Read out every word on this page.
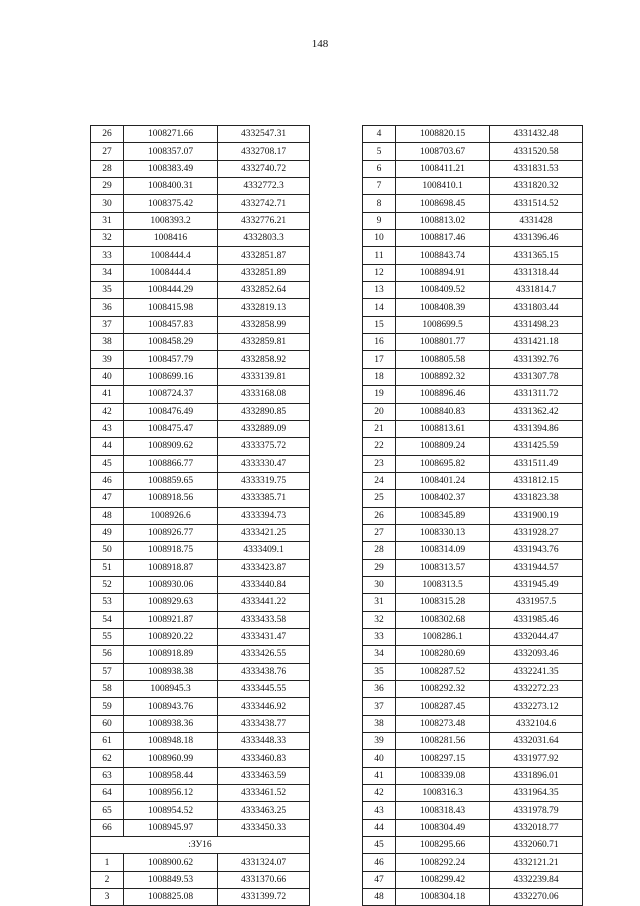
148
26	1008271.66	4332547.31
27	1008357.07	4332708.17
28	1008383.49	4332740.72
29	1008400.31	4332772.3
30	1008375.42	4332742.71
31	1008393.2	4332776.21
32	1008416	4332803.3
33	1008444.4	4332851.87
34	1008444.4	4332851.89
35	1008444.29	4332852.64
36	1008415.98	4332819.13
37	1008457.83	4332858.99
38	1008458.29	4332859.81
39	1008457.79	4332858.92
40	1008699.16	4333139.81
41	1008724.37	4333168.08
42	1008476.49	4332890.85
43	1008475.47	4332889.09
44	1008909.62	4333375.72
45	1008866.77	4333330.47
46	1008859.65	4333319.75
47	1008918.56	4333385.71
48	1008926.6	4333394.73
49	1008926.77	4333421.25
50	1008918.75	4333409.1
51	1008918.87	4333423.87
52	1008930.06	4333440.84
53	1008929.63	4333441.22
54	1008921.87	4333433.58
55	1008920.22	4333431.47
56	1008918.89	4333426.55
57	1008938.38	4333438.76
58	1008945.3	4333445.55
59	1008943.76	4333446.92
60	1008938.36	4333438.77
61	1008948.18	4333448.33
62	1008960.99	4333460.83
63	1008958.44	4333463.59
64	1008956.12	4333461.52
65	1008954.52	4333463.25
66	1008945.97	4333450.33
:ЗУ16		
1	1008900.62	4331324.07
2	1008849.53	4331370.66
3	1008825.08	4331399.72
4	1008820.15	4331432.48
5	1008703.67	4331520.58
6	1008411.21	4331831.53
7	1008410.1	4331820.32
8	1008698.45	4331514.52
9	1008813.02	4331428
10	1008817.46	4331396.46
11	1008843.74	4331365.15
12	1008894.91	4331318.44
13	1008409.52	4331814.7
14	1008408.39	4331803.44
15	1008699.5	4331498.23
16	1008801.77	4331421.18
17	1008805.58	4331392.76
18	1008892.32	4331307.78
19	1008896.46	4331311.72
20	1008840.83	4331362.42
21	1008813.61	4331394.86
22	1008809.24	4331425.59
23	1008695.82	4331511.49
24	1008401.24	4331812.15
25	1008402.37	4331823.38
26	1008345.89	4331900.19
27	1008330.13	4331928.27
28	1008314.09	4331943.76
29	1008313.57	4331944.57
30	1008313.5	4331945.49
31	1008315.28	4331957.5
32	1008302.68	4331985.46
33	1008286.1	4332044.47
34	1008280.69	4332093.46
35	1008287.52	4332241.35
36	1008292.32	4332272.23
37	1008287.45	4332273.12
38	1008273.48	4332104.6
39	1008281.56	4332031.64
40	1008297.15	4331977.92
41	1008339.08	4331896.01
42	1008316.3	4331964.35
43	1008318.43	4331978.79
44	1008304.49	4332018.77
45	1008295.66	4332060.71
46	1008292.24	4332121.21
47	1008299.42	4332239.84
48	1008304.18	4332270.06
